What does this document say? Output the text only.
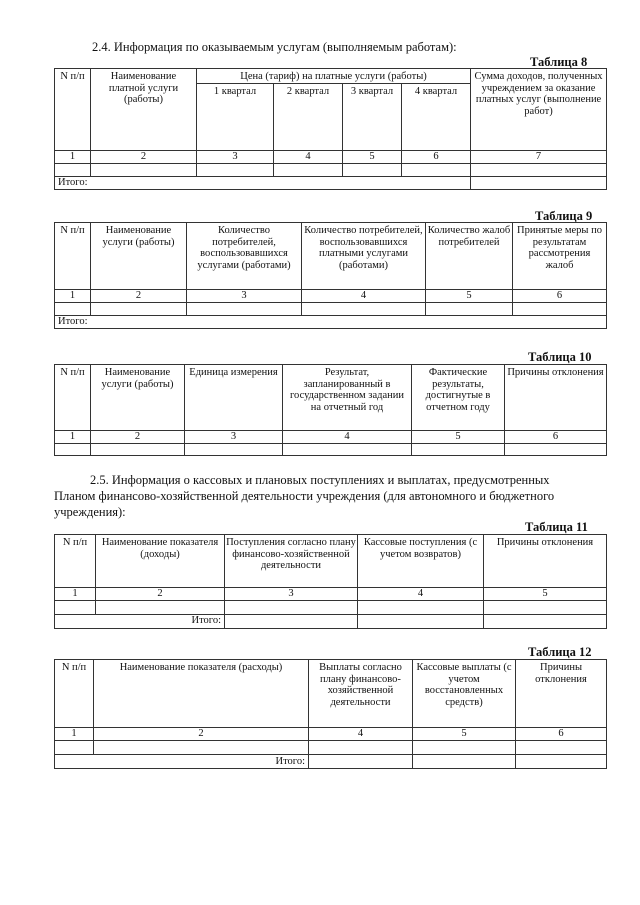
2.4. Информация по оказываемым услугам (выполняемым работам):
Таблица 8
N п/п	Наименование платной услуги (работы)	Цена (тариф) на платные услуги (работы)				Сумма доходов, полученных учреждением за оказание платных услуг (выполнение работ)
		1 квартал	2 квартал	3 квартал	4 квартал	
1	2	3	4	5	6	7

Итого:						
Таблица 9
N п/п	Наименование услуги (работы)	Количество потребителей, воспользовавшихся услугами (работами)	Количество потребителей, воспользовавшихся платными услугами (работами)	Количество жалоб потребителей	Принятые меры по результатам рассмотрения жалоб
1	2	3	4	5	6

Итого:					
Таблица 10
N п/п	Наименование услуги (работы)	Единица измерения	Результат, запланированный в государственном задании на отчетный год	Фактические результаты, достигнутые в отчетном году	Причины отклонения
1	2	3	4	5	6

2.5. Информация о кассовых и плановых поступлениях и выплатах, предусмотренных
Планом финансово-хозяйственной деятельности учреждения (для автономного и бюджетного
учреждения):
Таблица 11
N п/п	Наименование показателя (доходы)	Поступления согласно плану финансово-хозяйственной деятельности	Кассовые поступления (с учетом возвратов)	Причины отклонения
1	2	3	4	5

Итого:				
Таблица 12
N п/п	Наименование показателя (расходы)	Выплаты согласно плану финансово-хозяйственной деятельности	Кассовые выплаты (с учетом восстановленных средств)	Причины отклонения
1	2	4	5	6

Итого:				
